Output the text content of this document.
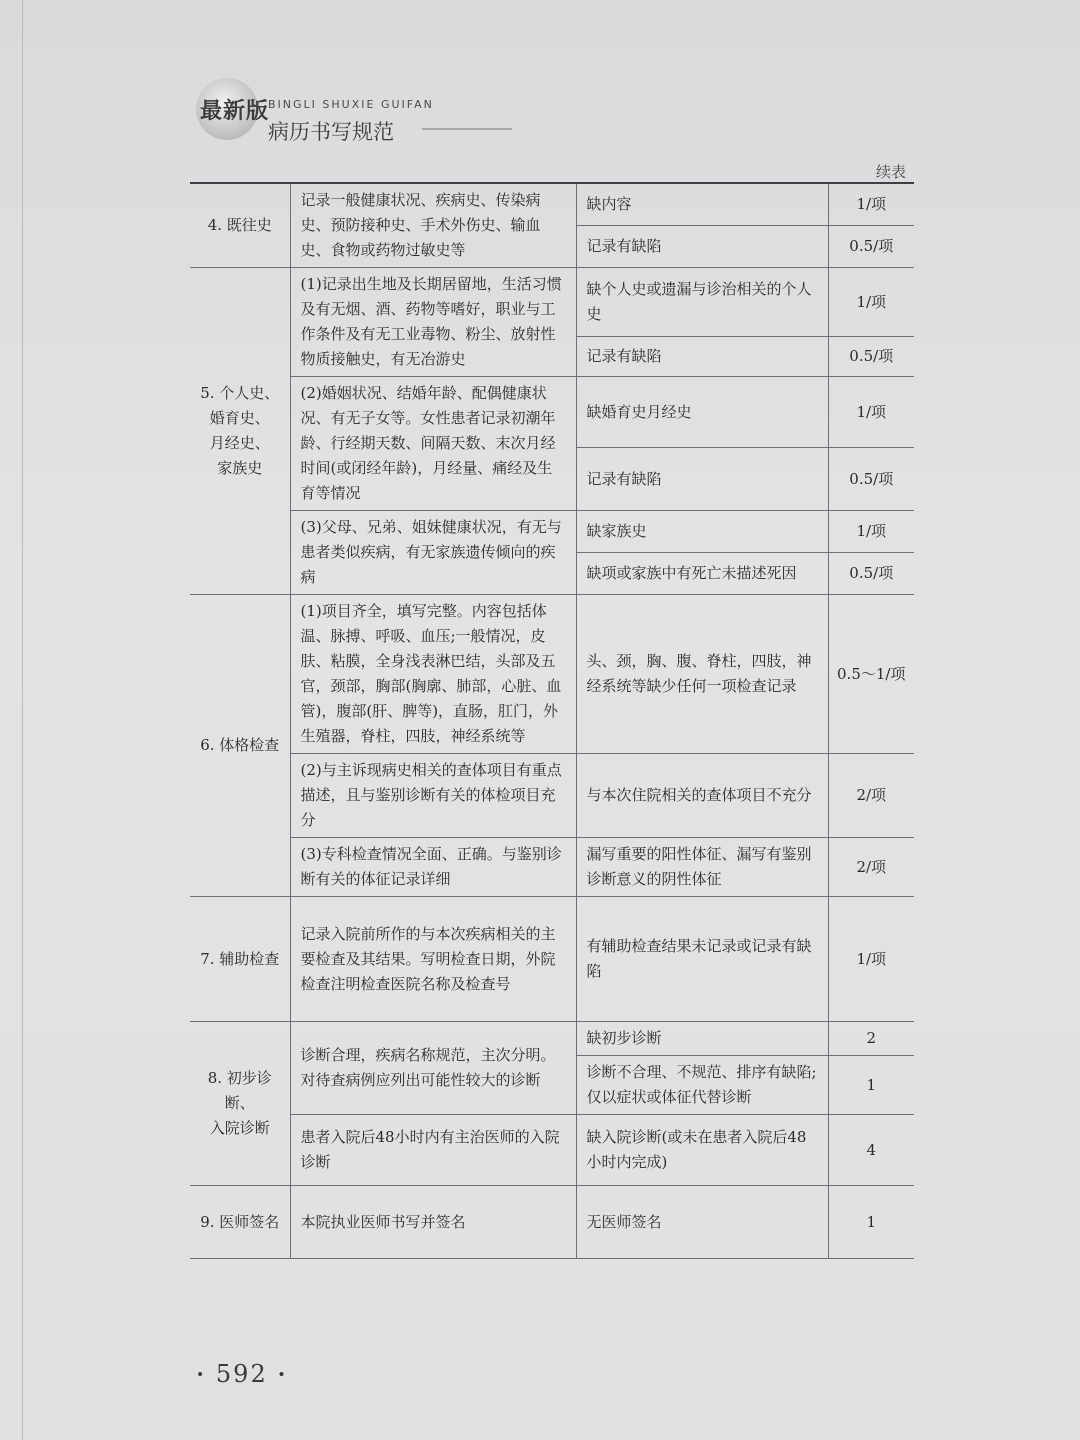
最新版
BINGLI SHUXIE GUIFAN
病历书写规范
续表
4. 既往史	记录一般健康状况、疾病史、传染病史、预防接种史、手术外伤史、输血史、食物或药物过敏史等	缺内容	1/项
		记录有缺陷	0.5/项

5. 个人史、
婚育史、
月经史、
家族史	(1)记录出生地及长期居留地，生活习惯及有无烟、酒、药物等嗜好，职业与工作条件及有无工业毒物、粉尘、放射性物质接触史，有无冶游史	缺个人史或遗漏与诊治相关的个人史	1/项
		记录有缺陷	0.5/项
	(2)婚姻状况、结婚年龄、配偶健康状况、有无子女等。女性患者记录初潮年龄、行经期天数、间隔天数、末次月经时间(或闭经年龄)，月经量、痛经及生育等情况	缺婚育史月经史	1/项
		记录有缺陷	0.5/项
	(3)父母、兄弟、姐妹健康状况，有无与患者类似疾病，有无家族遗传倾向的疾病	缺家族史	1/项
		缺项或家族中有死亡未描述死因	0.5/项
6. 体格检查	(1)项目齐全，填写完整。内容包括体温、脉搏、呼吸、血压;一般情况，皮肤、粘膜，全身浅表淋巴结，头部及五官，颈部，胸部(胸廓、肺部，心脏、血管)，腹部(肝、脾等)，直肠，肛门，外生殖器，脊柱，四肢，神经系统等	头、颈，胸、腹、脊柱，四肢，神经系统等缺少任何一项检查记录	0.5～1/项
	(2)与主诉现病史相关的查体项目有重点描述，且与鉴别诊断有关的体检项目充分	与本次住院相关的查体项目不充分	2/项
	(3)专科检查情况全面、正确。与鉴别诊断有关的体征记录详细	漏写重要的阳性体征、漏写有鉴别诊断意义的阴性体征	2/项
7. 辅助检查	记录入院前所作的与本次疾病相关的主要检查及其结果。写明检查日期，外院检查注明检查医院名称及检查号	有辅助检查结果未记录或记录有缺陷	1/项

8. 初步诊断、
入院诊断	诊断合理，疾病名称规范，主次分明。对待查病例应列出可能性较大的诊断	缺初步诊断	2
		诊断不合理、不规范、排序有缺陷;仅以症状或体征代替诊断	1
	患者入院后48小时内有主治医师的入院诊断	缺入院诊断(或未在患者入院后48小时内完成)	4
9. 医师签名	本院执业医师书写并签名	无医师签名	1
• 592 •
